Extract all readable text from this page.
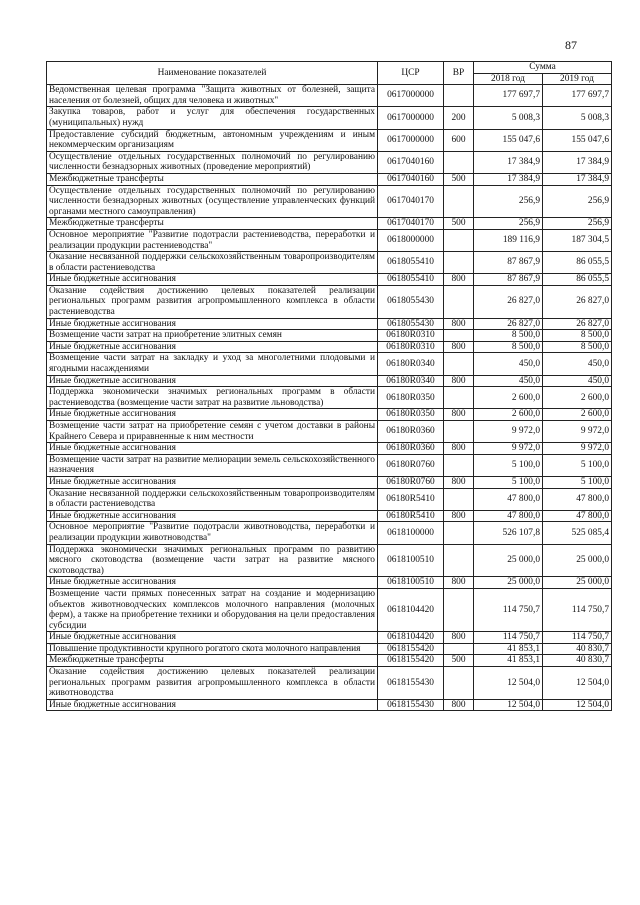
87
Наименование показателей	ЦСР	ВР	Сумма	
			2018 год	2019 год
Ведомственная целевая программа "Защита животных от болезней, защита населения от болезней, общих для человека и животных"	0617000000		177 697,7	177 697,7
Закупка товаров, работ и услуг для обеспечения государственных (муниципальных) нужд	0617000000	200	5 008,3	5 008,3
Предоставление субсидий бюджетным, автономным учреждениям и иным некоммерческим организациям	0617000000	600	155 047,6	155 047,6
Осуществление отдельных государственных полномочий по регулированию численности безнадзорных животных (проведение мероприятий)	0617040160		17 384,9	17 384,9
Межбюджетные трансферты	0617040160	500	17 384,9	17 384,9
Осуществление отдельных государственных полномочий по регулированию численности безнадзорных животных (осуществление управленческих функций органами местного самоуправления)	0617040170		256,9	256,9
Межбюджетные трансферты	0617040170	500	256,9	256,9
Основное мероприятие "Развитие подотрасли растениеводства, переработки и реализации продукции растениеводства"	0618000000		189 116,9	187 304,5
Оказание несвязанной поддержки сельскохозяйственным товаропроизводителям в области растениеводства	0618055410		87 867,9	86 055,5
Иные бюджетные ассигнования	0618055410	800	87 867,9	86 055,5
Оказание содействия достижению целевых показателей реализации региональных программ развития агропромышленного комплекса в области растениеводства	0618055430		26 827,0	26 827,0
Иные бюджетные ассигнования	0618055430	800	26 827,0	26 827,0
Возмещение части затрат на приобретение элитных семян	06180R0310		8 500,0	8 500,0
Иные бюджетные ассигнования	06180R0310	800	8 500,0	8 500,0
Возмещение части затрат на закладку и уход за многолетними плодовыми и ягодными насаждениями	06180R0340		450,0	450,0
Иные бюджетные ассигнования	06180R0340	800	450,0	450,0
Поддержка экономически значимых региональных программ в области растениеводства (возмещение части затрат на развитие льноводства)	06180R0350		2 600,0	2 600,0
Иные бюджетные ассигнования	06180R0350	800	2 600,0	2 600,0
Возмещение части затрат на приобретение семян с учетом доставки в районы Крайнего Севера и приравненные к ним местности	06180R0360		9 972,0	9 972,0
Иные бюджетные ассигнования	06180R0360	800	9 972,0	9 972,0
Возмещение части затрат на развитие мелиорации земель сельскохозяйственного назначения	06180R0760		5 100,0	5 100,0
Иные бюджетные ассигнования	06180R0760	800	5 100,0	5 100,0
Оказание несвязанной поддержки сельскохозяйственным товаропроизводителям в области растениеводства	06180R5410		47 800,0	47 800,0
Иные бюджетные ассигнования	06180R5410	800	47 800,0	47 800,0
Основное мероприятие "Развитие подотрасли животноводства, переработки и реализации продукции животноводства"	0618100000		526 107,8	525 085,4
Поддержка экономически значимых региональных программ по развитию мясного скотоводства (возмещение части затрат на развитие мясного скотоводства)	0618100510		25 000,0	25 000,0
Иные бюджетные ассигнования	0618100510	800	25 000,0	25 000,0
Возмещение части прямых понесенных затрат на создание и модернизацию объектов животноводческих комплексов молочного направления (молочных ферм), а также на приобретение техники и оборудования на цели предоставления субсидии	0618104420		114 750,7	114 750,7
Иные бюджетные ассигнования	0618104420	800	114 750,7	114 750,7
Повышение продуктивности крупного рогатого скота молочного направления	0618155420		41 853,1	40 830,7
Межбюджетные трансферты	0618155420	500	41 853,1	40 830,7
Оказание содействия достижению целевых показателей реализации региональных программ развития агропромышленного комплекса в области животноводства	0618155430		12 504,0	12 504,0
Иные бюджетные ассигнования	0618155430	800	12 504,0	12 504,0
